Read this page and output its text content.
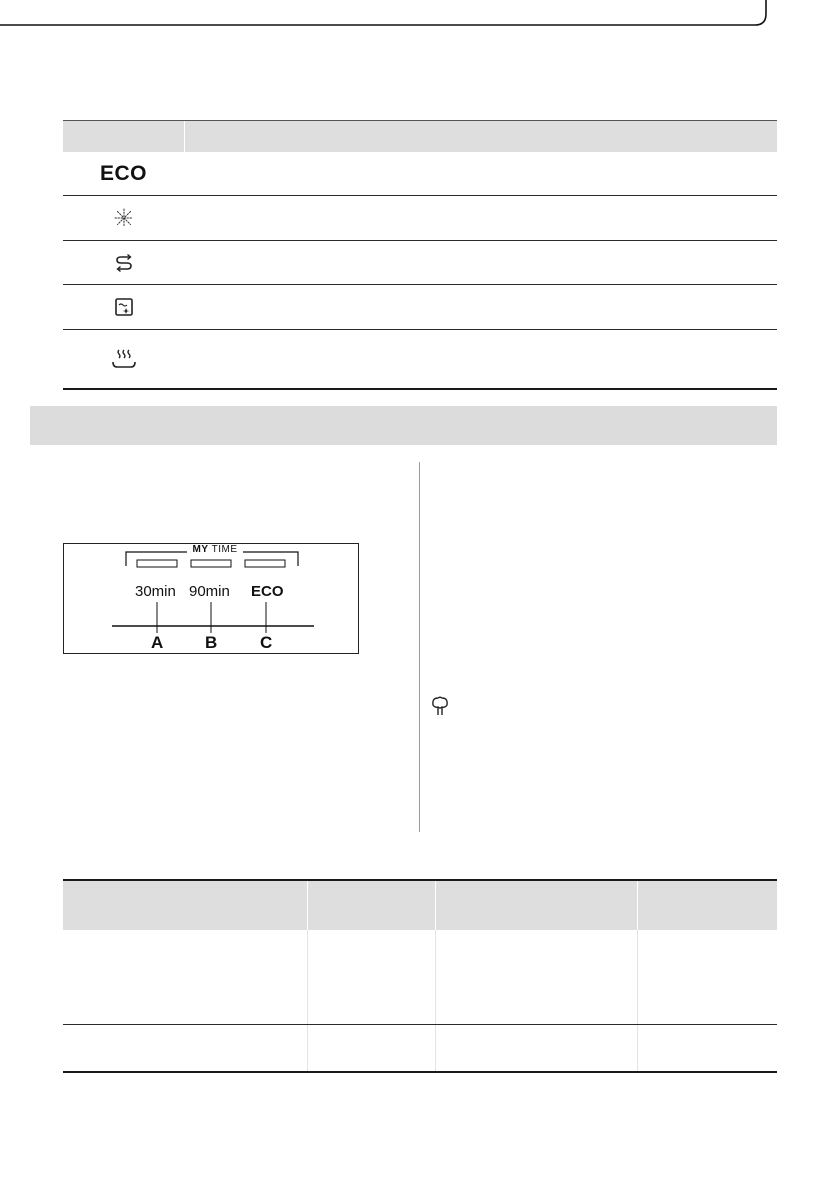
ECO
MY TIME
30min 90min ECO
A B	C
